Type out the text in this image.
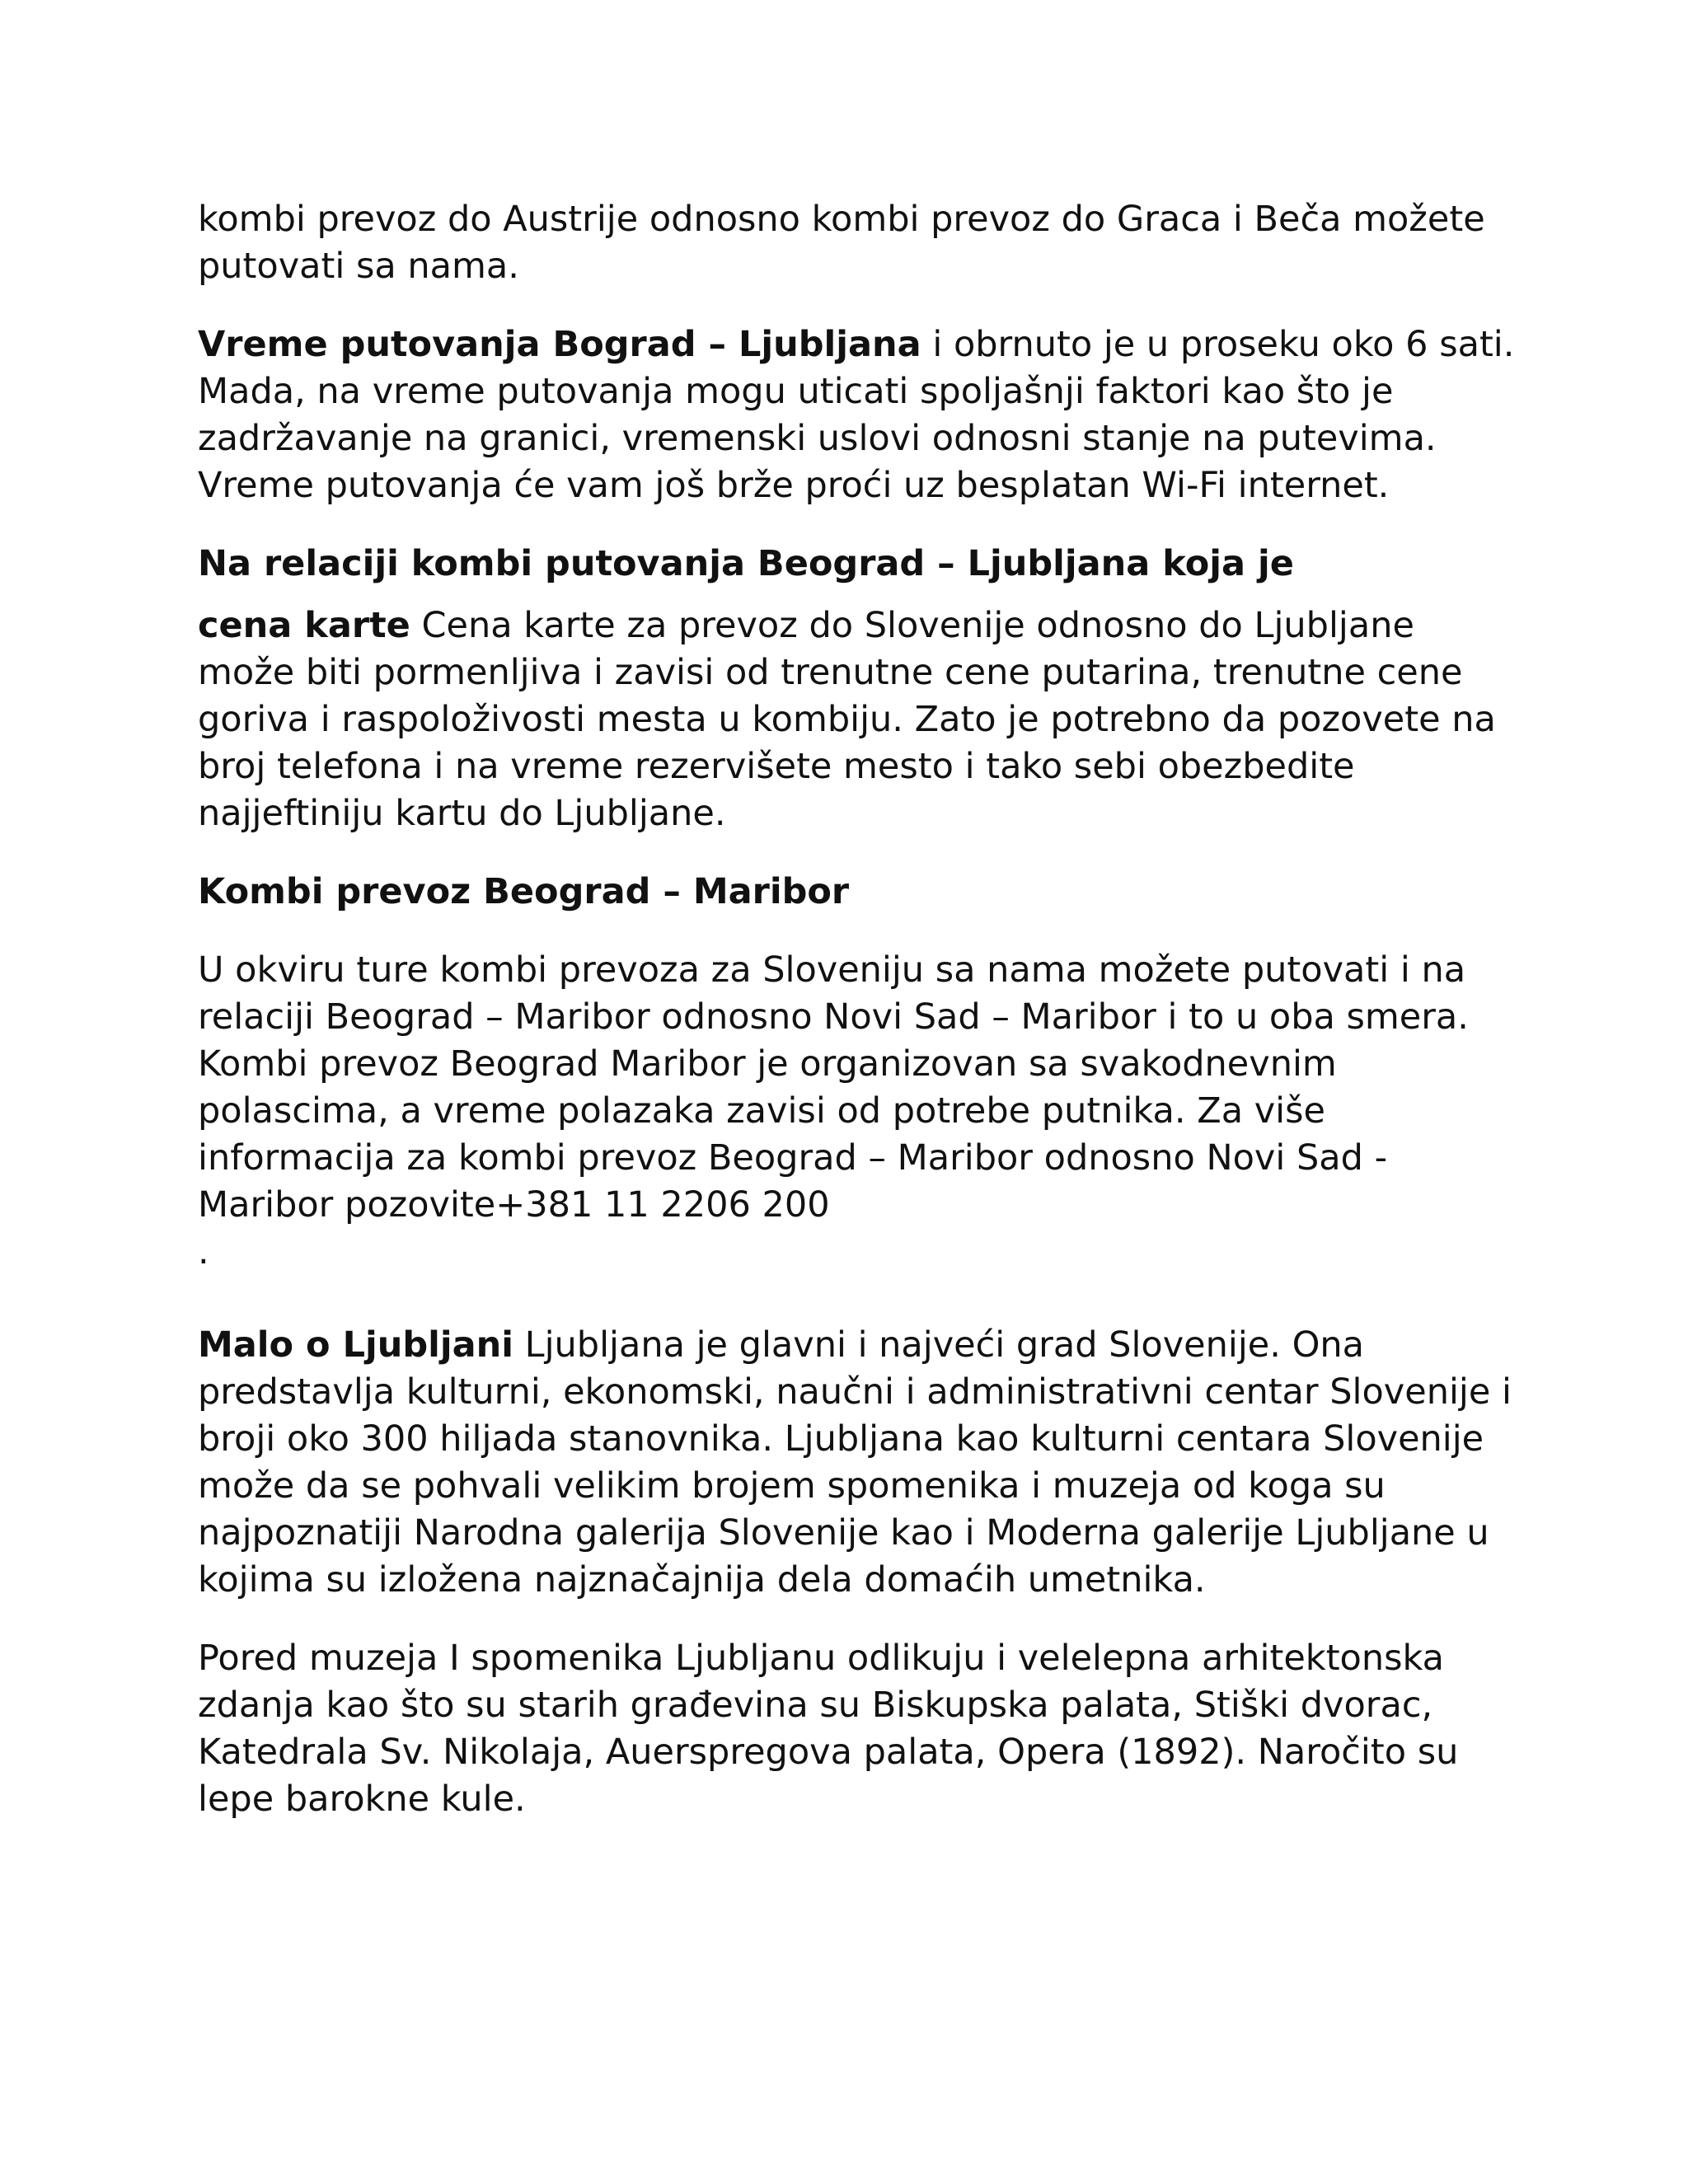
kombi prevoz do Austrije odnosno kombi prevoz do Graca i Beča možete putovati sa nama.

Vreme putovanja Bograd – Ljubljana i obrnuto je u proseku oko 6 sati. Mada, na vreme putovanja mogu uticati spoljašnji faktori kao što je zadržavanje na granici, vremenski uslovi odnosni stanje na putevima. Vreme putovanja će vam još brže proći uz besplatan Wi-Fi internet.

Na relaciji kombi putovanja Beograd – Ljubljana koja je
cena karte Cena karte za prevoz do Slovenije odnosno do Ljubljane može biti pormenljiva i zavisi od trenutne cene putarina, trenutne cene goriva i raspoloživosti mesta u kombiju. Zato je potrebno da pozovete na broj telefona i na vreme rezervišete mesto i tako sebi obezbedite najjeftiniju kartu do Ljubljane.

Kombi prevoz Beograd – Maribor

U okviru ture kombi prevoza za Sloveniju sa nama možete putovati i na relaciji Beograd – Maribor odnosno Novi Sad – Maribor i to u oba smera. Kombi prevoz Beograd Maribor je organizovan sa svakodnevnim polascima, a vreme polazaka zavisi od potrebe putnika. Za više informacija za kombi prevoz Beograd – Maribor odnosno Novi Sad -Maribor pozovite+381 11 2206 200
.

Malo o Ljubljani Ljubljana je glavni i najveći grad Slovenije. Ona predstavlja kulturni, ekonomski, naučni i administrativni centar Slovenije i broji oko 300 hiljada stanovnika. Ljubljana kao kulturni centara Slovenije može da se pohvali velikim brojem spomenika i muzeja od koga su najpoznatiji Narodna galerija Slovenije kao i Moderna galerije Ljubljane u kojima su izložena najznačajnija dela domaćih umetnika.

Pored muzeja I spomenika Ljubljanu odlikuju i velelepna arhitektonska zdanja kao što su starih građevina su Biskupska palata, Stiški dvorac, Katedrala Sv. Nikolaja, Auerspregova palata, Opera (1892). Naročito su lepe barokne kule.
